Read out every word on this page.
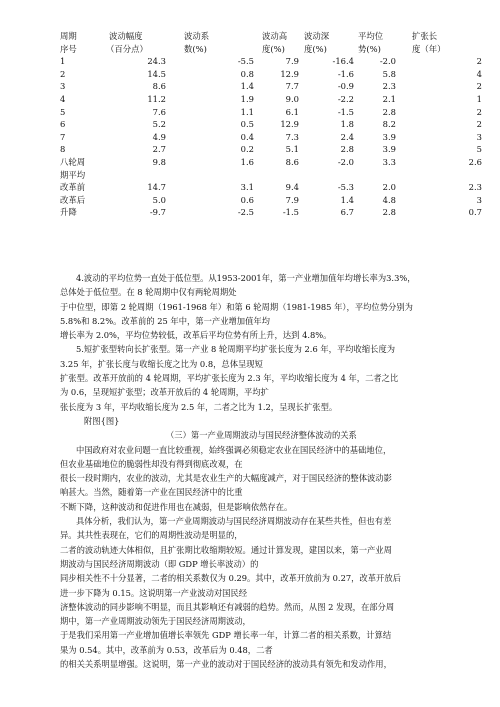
周期	波动幅度	波动系	波动高	波动深	平均位	扩张长
序号	（百分点）	数(%)	度(%)	度(%)	势(%)	度（年）
1	24.3	-5.5	7.9	-16.4	-2.0	2
2	14.5	0.8	12.9	-1.6	5.8	4
3	8.6	1.4	7.7	-0.9	2.3	2
4	11.2	1.9	9.0	-2.2	2.1	1
5	7.6	1.1	6.1	-1.5	2.8	2
6	5.2	0.5	12.9	1.8	8.2	2
7	4.9	0.4	7.3	2.4	3.9	3
8	2.7	0.2	5.1	2.8	3.9	5
八轮周	9.8	1.6	8.6	-2.0	3.3	2.6
期平均						
改革前	14.7	3.1	9.4	-5.3	2.0	2.3
改革后	5.0	0.6	7.9	1.4	4.8	3
升降	-9.7	-2.5	-1.5	6.7	2.8	0.7

4.波动的平均位势一直处于低位型。从1953-2001年，第一产业增加值年均增长率为3.3%，

总体处于低位型。在 8 轮周期中仅有两轮周期处

于中位型，即第 2 轮周期（1961-1968 年）和第 6 轮周期（1981-1985 年），平均位势分别为

5.8%和 8.2%。改革前的 25 年中，第一产业增加值年均

增长率为 2.0%，平均位势较低，改革后平均位势有所上升，达到 4.8%。

5.短扩张型转向长扩张型。第一产业 8 轮周期平均扩张长度为 2.6 年，平均收缩长度为

3.25 年，扩张长度与收缩长度之比为 0.8，总体呈现短

扩张型。改革开放前的 4 轮周期，平均扩张长度为 2.3 年，平均收缩长度为 4 年，二者之比

为 0.6，呈现短扩张型；改革开放后的 4 轮周期，平均扩

张长度为 3 年，平均收缩长度为 2.5 年，二者之比为 1.2，呈现长扩张型。

附图{图}

（三）第一产业周期波动与国民经济整体波动的关系

中国政府对农业问题一直比较重视，始终强调必须稳定农业在国民经济中的基础地位，

但农业基础地位的脆弱性却没有得到彻底改观，在

很长一段时期内，农业的波动，尤其是农业生产的大幅度减产，对于国民经济的整体波动影

响甚大。当然，随着第一产业在国民经济中的比重

不断下降，这种波动和促进作用也在减弱，但是影响依然存在。

具体分析，我们认为，第一产业周期波动与国民经济周期波动存在某些共性，但也有差

异。其共性表现在，它们的周期性波动是明显的，

二者的波动轨迹大体相似，且扩张期比收缩期较短。通过计算发现，建国以来，第一产业周

期波动与国民经济周期波动（即 GDP 增长率波动）的

同步相关性不十分显著，二者的相关系数仅为 0.29。其中，改革开放前为 0.27，改革开放后

进一步下降为 0.15。这说明第一产业波动对国民经

济整体波动的同步影响不明显，而且其影响还有减弱的趋势。然而，从图 2 发现，在部分周

期中，第一产业周期波动领先于国民经济周期波动，

于是我们采用第一产业增加值增长率领先 GDP 增长率一年，计算二者的相关系数，计算结

果为 0.54。其中，改革前为 0.53，改革后为 0.48，二者

的相关关系明显增强。这说明，第一产业的波动对于国民经济的波动具有领先和发动作用，
